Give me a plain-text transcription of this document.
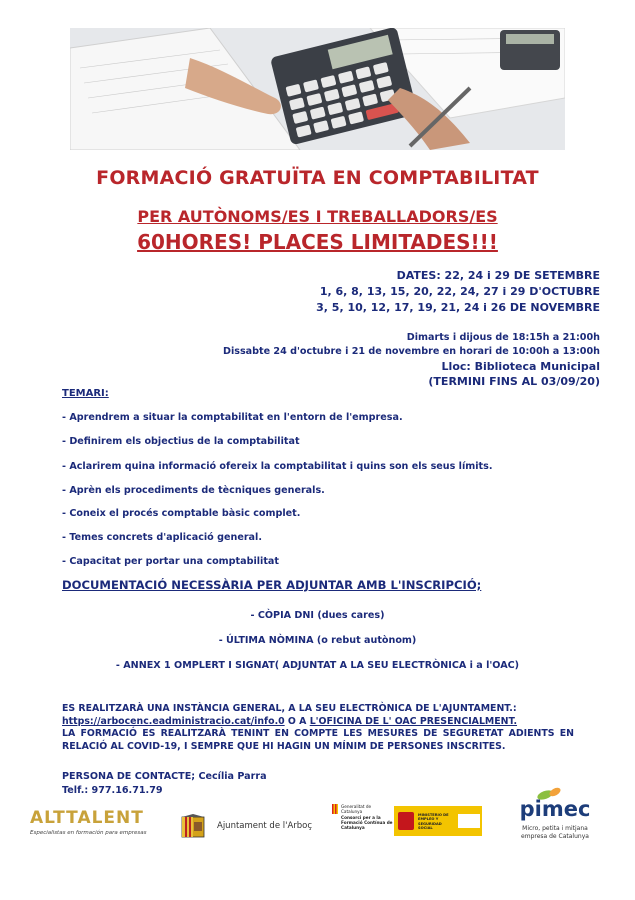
FORMACIÓ GRATUÏTA EN COMPTABILITAT
PER AUTÒNOMS/ES I TREBALLADORS/ES
60HORES! PLACES LIMITADES!!!
DATES: 22, 24 i 29 DE SETEMBRE
1, 6, 8, 13, 15, 20, 22, 24, 27 i 29 D'OCTUBRE
3, 5, 10, 12, 17, 19, 21, 24 i 26 DE NOVEMBRE
Dimarts i dijous de 18:15h a 21:00h
Dissabte 24 d'octubre i 21 de novembre en horari de 10:00h a 13:00h
Lloc: Biblioteca Municipal
(TERMINI FINS AL 03/09/20)
TEMARI:
- Aprendrem a situar la comptabilitat en l'entorn de l'empresa.
- Definirem els objectius de la comptabilitat
- Aclarirem quina informació ofereix la comptabilitat i quins son els seus límits.
- Aprèn els procediments de tècniques generals.
- Coneix el procés comptable bàsic complet.
- Temes concrets d'aplicació general.
- Capacitat per portar una comptabilitat
DOCUMENTACIÓ NECESSÀRIA PER ADJUNTAR AMB L'INSCRIPCIÓ;
- CÒPIA DNI (dues cares)
- ÚLTIMA NÒMINA (o rebut autònom)
- ANNEX 1 OMPLERT I SIGNAT( ADJUNTAT A LA SEU ELECTRÒNICA i a l'OAC)
ES REALITZARÀ UNA INSTÀNCIA GENERAL, A LA SEU ELECTRÒNICA DE L'AJUNTAMENT.:
https://arbocenc.eadministracio.cat/info.0 O A L'OFICINA DE L' OAC PRESENCIALMENT.
LA FORMACIÓ ES REALITZARÀ TENINT EN COMPTE LES MESURES DE SEGURETAT ADIENTS EN RELACIÓ AL COVID-19, I SEMPRE QUE HI HAGIN UN MÍNIM DE PERSONES INSCRITES.
PERSONA DE CONTACTE; Cecília Parra
Telf.: 977.16.71.79
ALTTALENT
Especialistas en formación para empresas
Ajuntament de l'Arboç
Generalitat de Catalunya
Consorci per a la Formació Contínua de Catalunya
MINISTERIO DE EMPLEO Y SEGURIDAD SOCIAL
pimec
Micro, petita i mitjana
empresa de Catalunya
